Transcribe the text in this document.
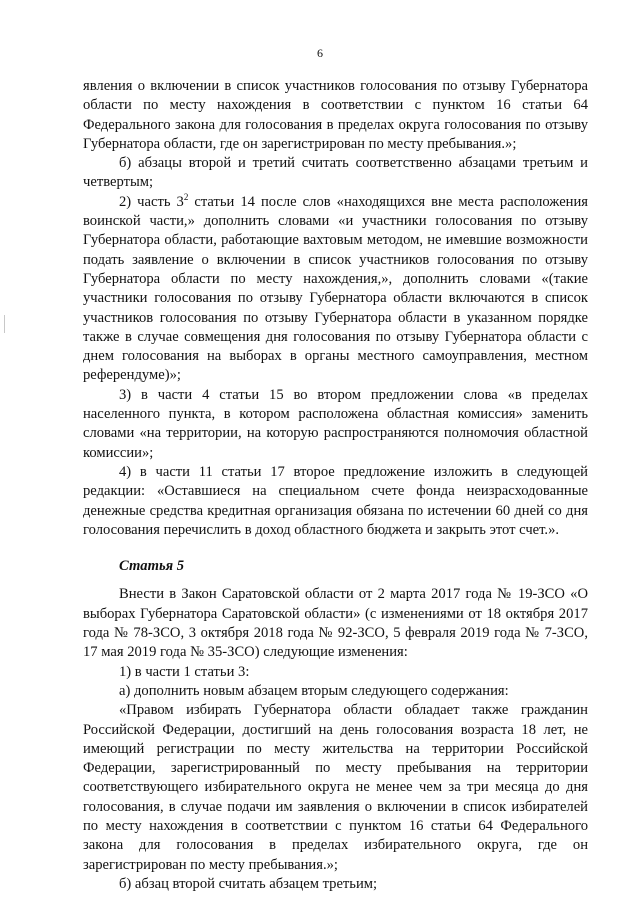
6

явления о включении в список участников голосования по отзыву Губернатора области по месту нахождения в соответствии с пунктом 16 статьи 64 Федерального закона для голосования в пределах округа голосования по отзыву Губернатора области, где он зарегистрирован по месту пребывания.»;

б) абзацы второй и третий считать соответственно абзацами третьим и четвертым;

2) часть $3^2$ статьи 14 после слов «находящихся вне места расположения воинской части,» дополнить словами «и участники голосования по отзыву Губернатора области, работающие вахтовым методом, не имевшие возможности подать заявление о включении в список участников голосования по отзыву Губернатора области по месту нахождения,», дополнить словами «(такие участники голосования по отзыву Губернатора области включаются в список участников голосования по отзыву Губернатора области в указанном порядке также в случае совмещения дня голосования по отзыву Губернатора области с днем голосования на выборах в органы местного самоуправления, местном референдуме)»;

3) в части 4 статьи 15 во втором предложении слова «в пределах населенного пункта, в котором расположена областная комиссия» заменить словами «на территории, на которую распространяются полномочия областной комиссии»;

4) в части 11 статьи 17 второе предложение изложить в следующей редакции: «Оставшиеся на специальном счете фонда неизрасходованные денежные средства кредитная организация обязана по истечении 60 дней со дня голосования перечислить в доход областного бюджета и закрыть этот счет.».

Статья 5

Внести в Закон Саратовской области от 2 марта 2017 года № 19-ЗСО «О выборах Губернатора Саратовской области» (с изменениями от 18 октября 2017 года № 78-ЗСО, 3 октября 2018 года № 92-ЗСО, 5 февраля 2019 года № 7-ЗСО, 17 мая 2019 года № 35-ЗСО) следующие изменения:

1) в части 1 статьи 3:

а) дополнить новым абзацем вторым следующего содержания:

«Правом избирать Губернатора области обладает также гражданин Российской Федерации, достигший на день голосования возраста 18 лет, не имеющий регистрации по месту жительства на территории Российской Федерации, зарегистрированный по месту пребывания на территории соответствующего избирательного округа не менее чем за три месяца до дня голосования, в случае подачи им заявления о включении в список избирателей по месту нахождения в соответствии с пунктом 16 статьи 64 Федерального закона для голосования в пределах избирательного округа, где он зарегистрирован по месту пребывания.»;

б) абзац второй считать абзацем третьим;
